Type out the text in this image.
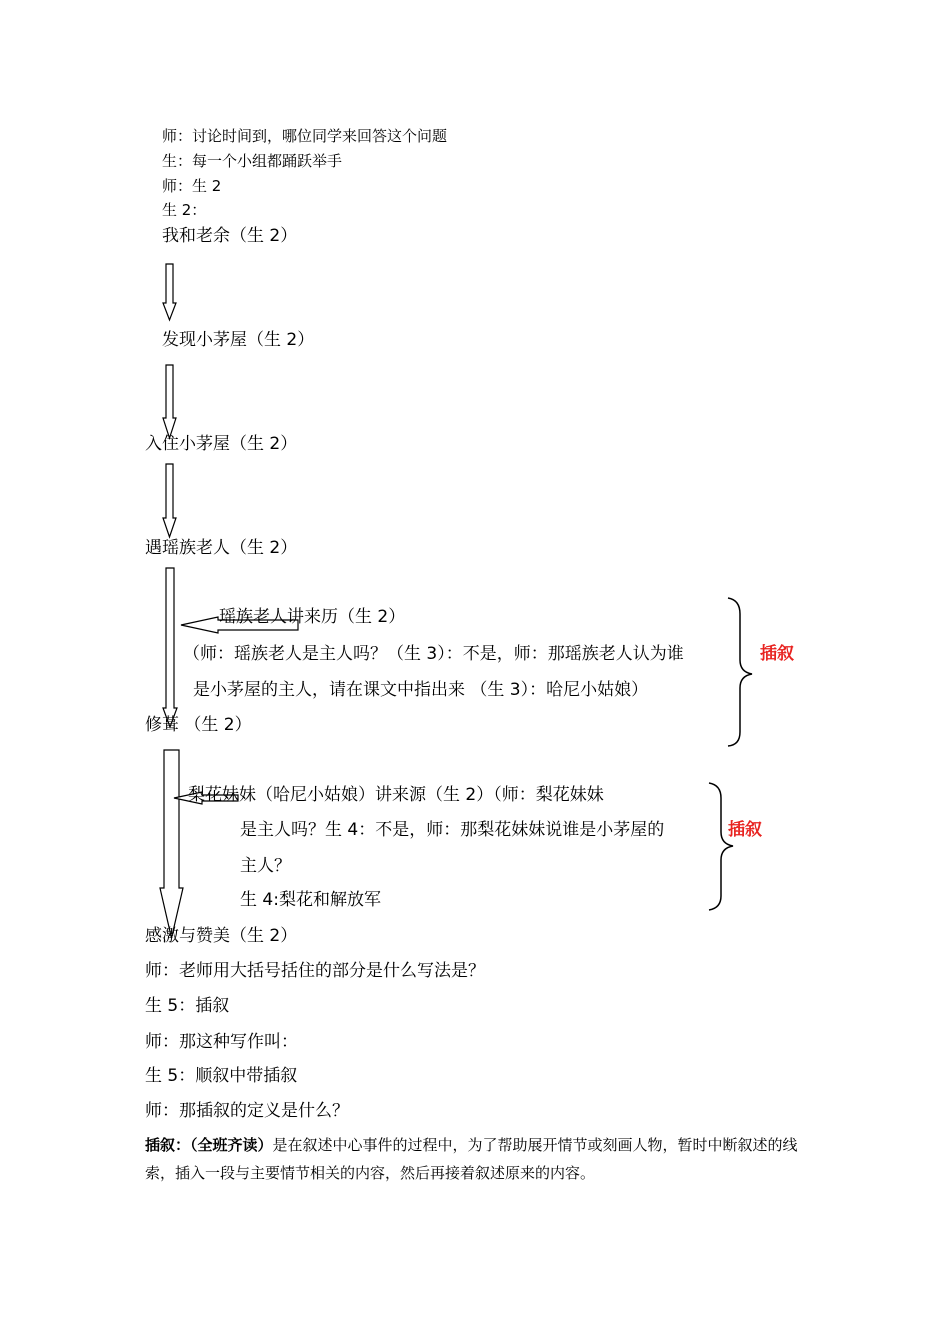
师：讨论时间到，哪位同学来回答这个问题
生：每一个小组都踊跃举手
师：生 2
生 2：
我和老余（生 2）
发现小茅屋（生 2）
入住小茅屋（生 2）
遇瑶族老人（生 2）
瑶族老人讲来历（生 2）
（师：瑶族老人是主人吗？（生 3）：不是，师：那瑶族老人认为谁
是小茅屋的主人，请在课文中指出来 （生 3）：哈尼小姑娘）
插叙
修葺 （生 2）
梨花妹妹（哈尼小姑娘）讲来源（生 2）（师：梨花妹妹
是主人吗？生 4：不是，师：那梨花妹妹说谁是小茅屋的
主人？
生 4:梨花和解放军
插叙
感激与赞美（生 2）
师：老师用大括号括住的部分是什么写法是？
生 5：插叙
师：那这种写作叫：
生 5：顺叙中带插叙
师：那插叙的定义是什么？
插叙：（全班齐读）是在叙述中心事件的过程中，为了帮助展开情节或刻画人物，暂时中断叙述的线索，插入一段与主要情节相关的内容，然后再接着叙述原来的内容。
